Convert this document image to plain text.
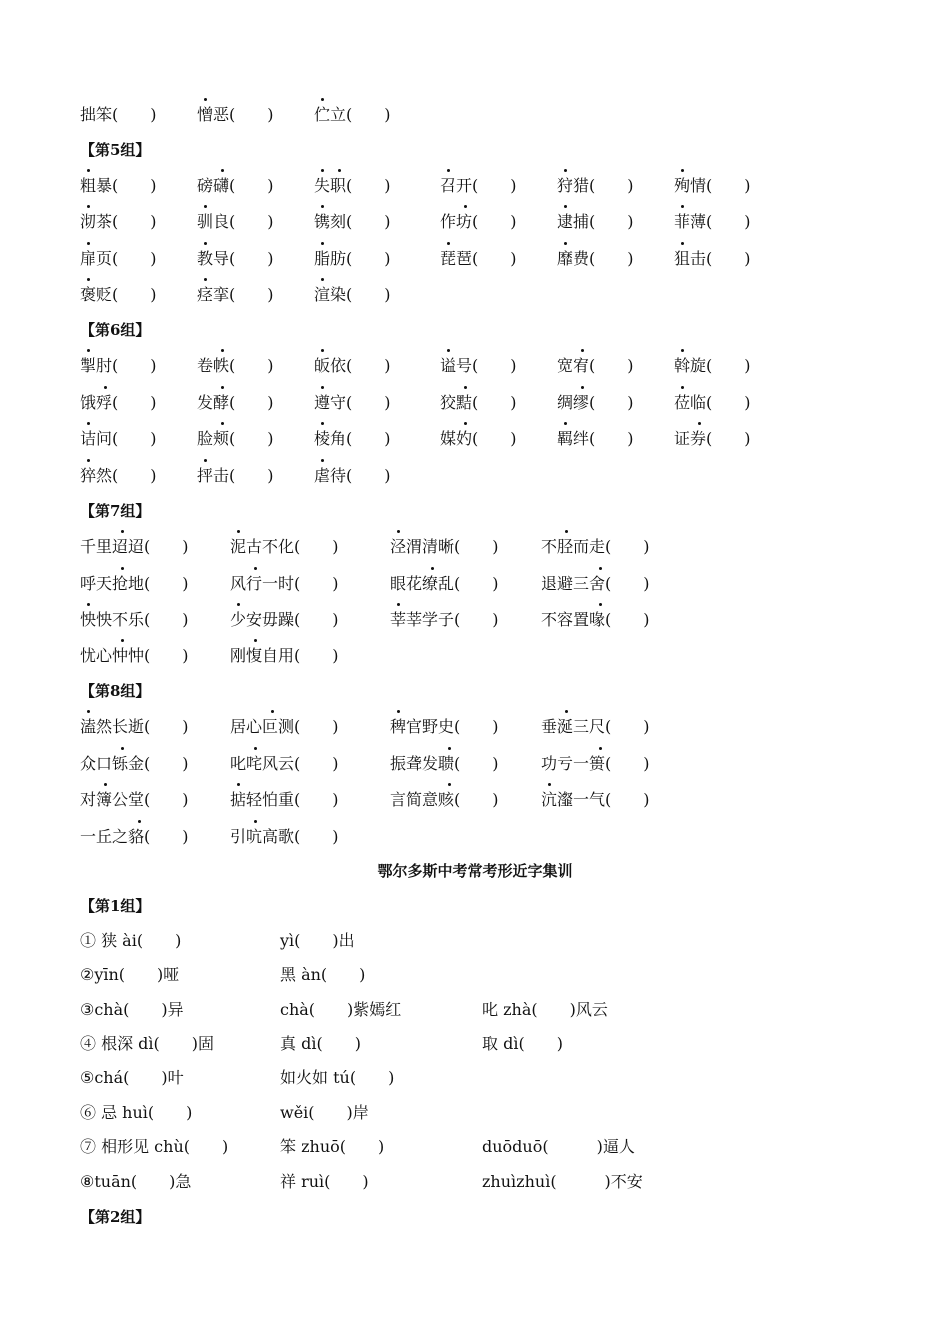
拙笨(　　)	憎恶(　　)	伫立(　　)
【第5组】
粗暴(　　)	磅礴(　　)	失职(　　)	召开(　　)	狩猎(　　)	殉情(　　)
沏茶(　　)	驯良(　　)	镌刻(　　)	作坊(　　)	逮捕(　　)	菲薄(　　)
扉页(　　)	教导(　　)	脂肪(　　)	琵琶(　　)	靡费(　　)	狙击(　　)
褒贬(　　)	痉挛(　　)	渲染(　　)
【第6组】
掣肘(　　)	卷帙(　　)	皈依(　　)	谥号(　　)	宽宥(　　)	斡旋(　　)
饿殍(　　)	发酵(　　)	遵守(　　)	狡黠(　　)	绸缪(　　)	莅临(　　)
诘问(　　)	脸颊(　　)	棱角(　　)	媒妁(　　)	羁绊(　　)	证券(　　)
猝然(　　)	抨击(　　)	虐待(　　)
【第7组】
千里迢迢(　　)	泥古不化(　　)	泾渭清晰(　　)	不胫而走(　　)
呼天抢地(　　)	风行一时(　　)	眼花缭乱(　　)	退避三舍(　　)
怏怏不乐(　　)	少安毋躁(　　)	莘莘学子(　　)	不容置喙(　　)
忧心忡忡(　　)	刚愎自用(　　)
【第8组】
溘然长逝(　　)	居心叵测(　　)	稗官野史(　　)	垂涎三尺(　　)
众口铄金(　　)	叱咤风云(　　)	振聋发聩(　　)	功亏一篑(　　)
对簿公堂(　　)	掂轻怕重(　　)	言简意赅(　　)	沆瀣一气(　　)
一丘之貉(　　)	引吭高歌(　　)
鄂尔多斯中考常考形近字集训
【第1组】
① 狭 ài(　　)	yì(　　)出
②yīn(　　)哑	黑 àn(　　)
③chà(　　)异	chà(　　)紫嫣红	叱 zhà(　　)风云
④ 根深 dì(　　)固	真 dì(　　)	取 dì(　　)
⑤chá(　　)叶	如火如 tú(　　)
⑥ 忌 huì(　　)	wěi(　　)岸
⑦ 相形见 chù(　　)	笨 zhuō(　　)	duōduō(　　　)逼人
⑧tuān(　　)急	祥 ruì(　　)	zhuìzhuì(　　　)不安
【第2组】
